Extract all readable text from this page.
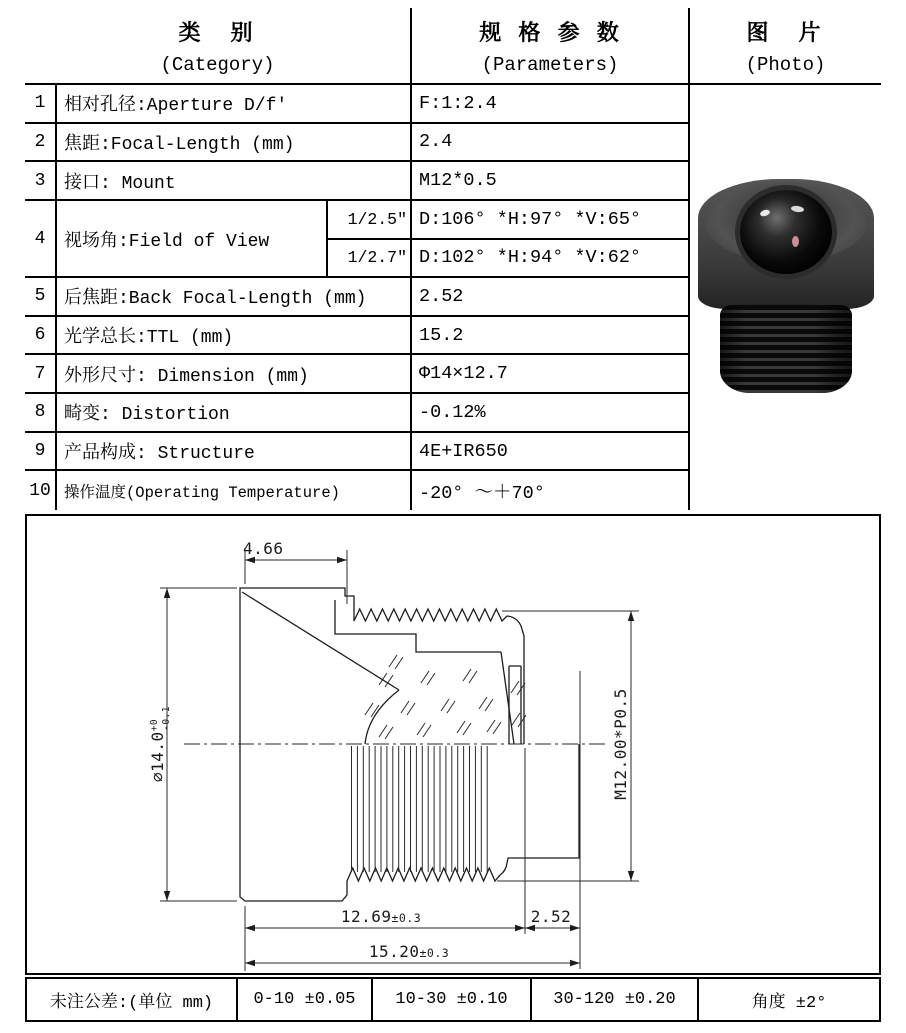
类　别
(Category)
规 格 参 数
(Parameters)
图　片
(Photo)
1	相对孔径:Aperture D/f′	F:1:2.4
2	焦距:Focal-Length (mm)	2.4
3	接口: Mount	M12*0.5
4	视场角:Field of View
1/2.5″ D:106° *H:97° *V:65°
1/2.7″ D:102° *H:94° *V:62°
5	后焦距:Back Focal-Length (mm)	2.52
6	光学总长:TTL (mm)	15.2
7	外形尺寸: Dimension (mm)	Φ14×12.7
8	畸变: Distortion	-0.12%
9	产品构成: Structure	4E+IR650
10 操作温度(Operating Temperature)	-20° ～＋70°
4.66
$⌀14.0^{+0}-0.1$	M12.00*P0.5
12.69±0.3	2.52
15.20±0.3
未注公差:(单位 mm)	0-10 ±0.05	10-30 ±0.10	30-120 ±0.20	角度 ±2°
